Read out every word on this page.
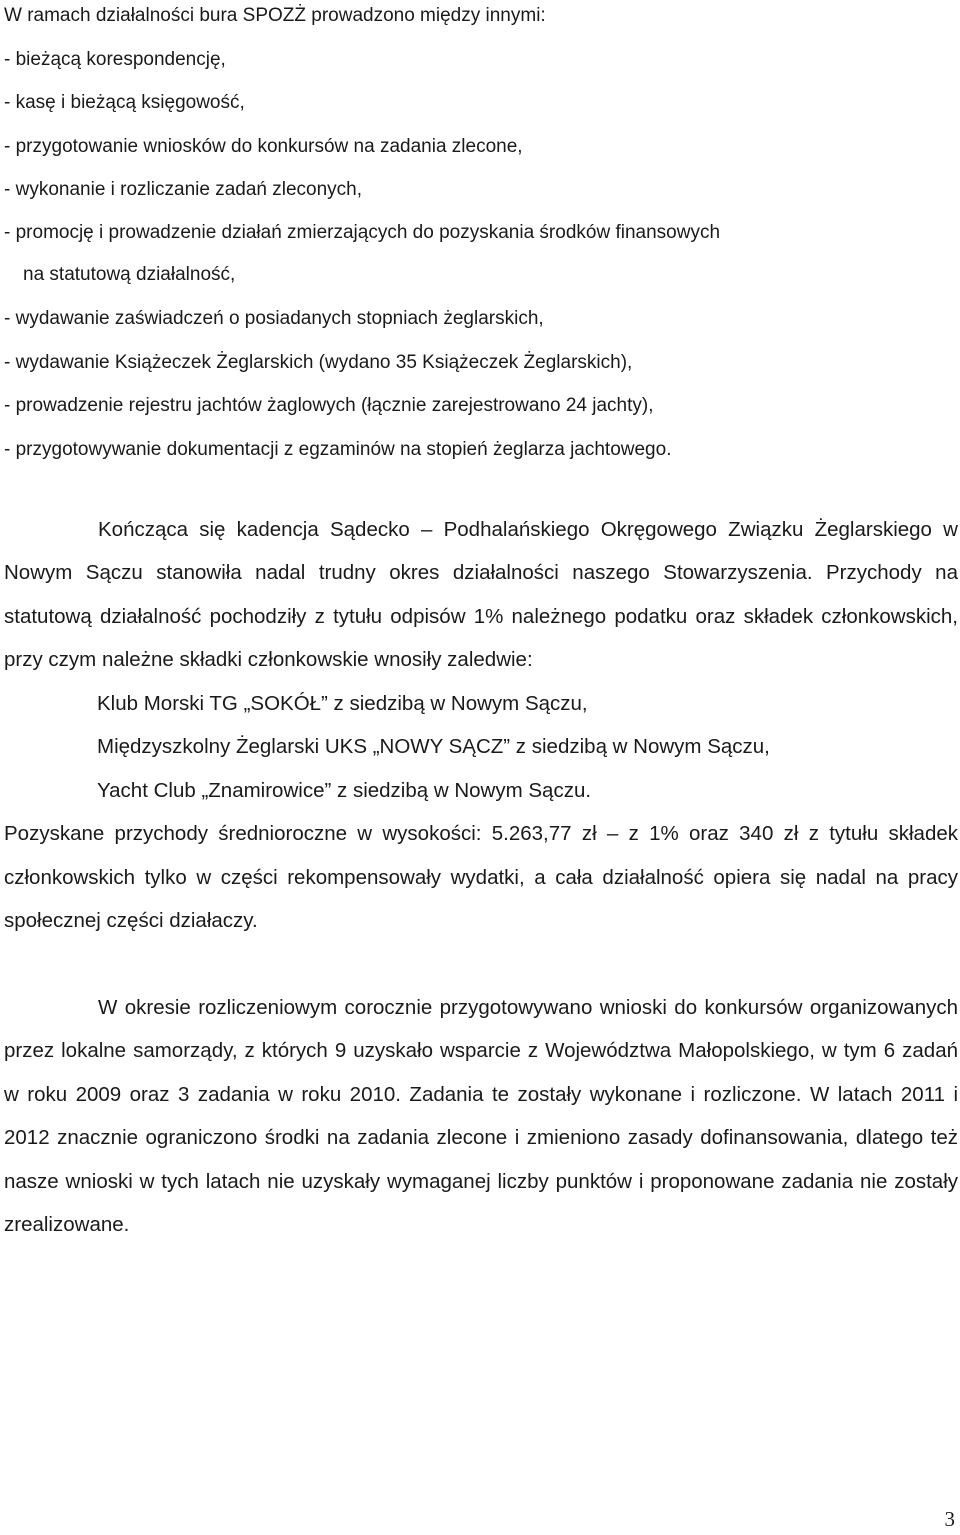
W ramach działalności bura SPOZŻ prowadzono między innymi:

- bieżącą korespondencję,
- kasę i bieżącą księgowość,
- przygotowanie wniosków do konkursów na zadania zlecone,
- wykonanie i rozliczanie zadań zleconych,
- promocję i prowadzenie działań zmierzających do pozyskania środków finansowych
na statutową działalność,
- wydawanie zaświadczeń o posiadanych stopniach żeglarskich,
- wydawanie Książeczek Żeglarskich (wydano 35 Książeczek Żeglarskich),
- prowadzenie rejestru jachtów żaglowych (łącznie zarejestrowano 24 jachty),
- przygotowywanie dokumentacji z egzaminów na stopień żeglarza jachtowego.

Kończąca się kadencja Sądecko – Podhalańskiego Okręgowego Związku Żeglarskiego w Nowym Sączu stanowiła nadal trudny okres działalności naszego Stowarzyszenia. Przychody na statutową działalność pochodziły z tytułu odpisów 1% należnego podatku oraz składek członkowskich, przy czym należne składki członkowskie wnosiły zaledwie:

Klub Morski TG „SOKÓŁ” z siedzibą w Nowym Sączu,
Międzyszkolny Żeglarski UKS „NOWY SĄCZ” z siedzibą w Nowym Sączu,
Yacht Club „Znamirowice” z siedzibą w Nowym Sączu.

Pozyskane przychody średnioroczne w wysokości: 5.263,77 zł – z 1% oraz 340 zł z tytułu składek członkowskich tylko w części rekompensowały wydatki, a cała działalność opiera się nadal na pracy społecznej części działaczy.

W okresie rozliczeniowym corocznie przygotowywano wnioski do konkursów organizowanych przez lokalne samorządy, z których 9 uzyskało wsparcie z Województwa Małopolskiego, w tym 6 zadań w roku 2009 oraz 3 zadania w roku 2010. Zadania te zostały wykonane i rozliczone. W latach 2011 i 2012 znacznie ograniczono środki na zadania zlecone i zmieniono zasady dofinansowania, dlatego też nasze wnioski w tych latach nie uzyskały wymaganej liczby punktów i proponowane zadania nie zostały zrealizowane.

3
